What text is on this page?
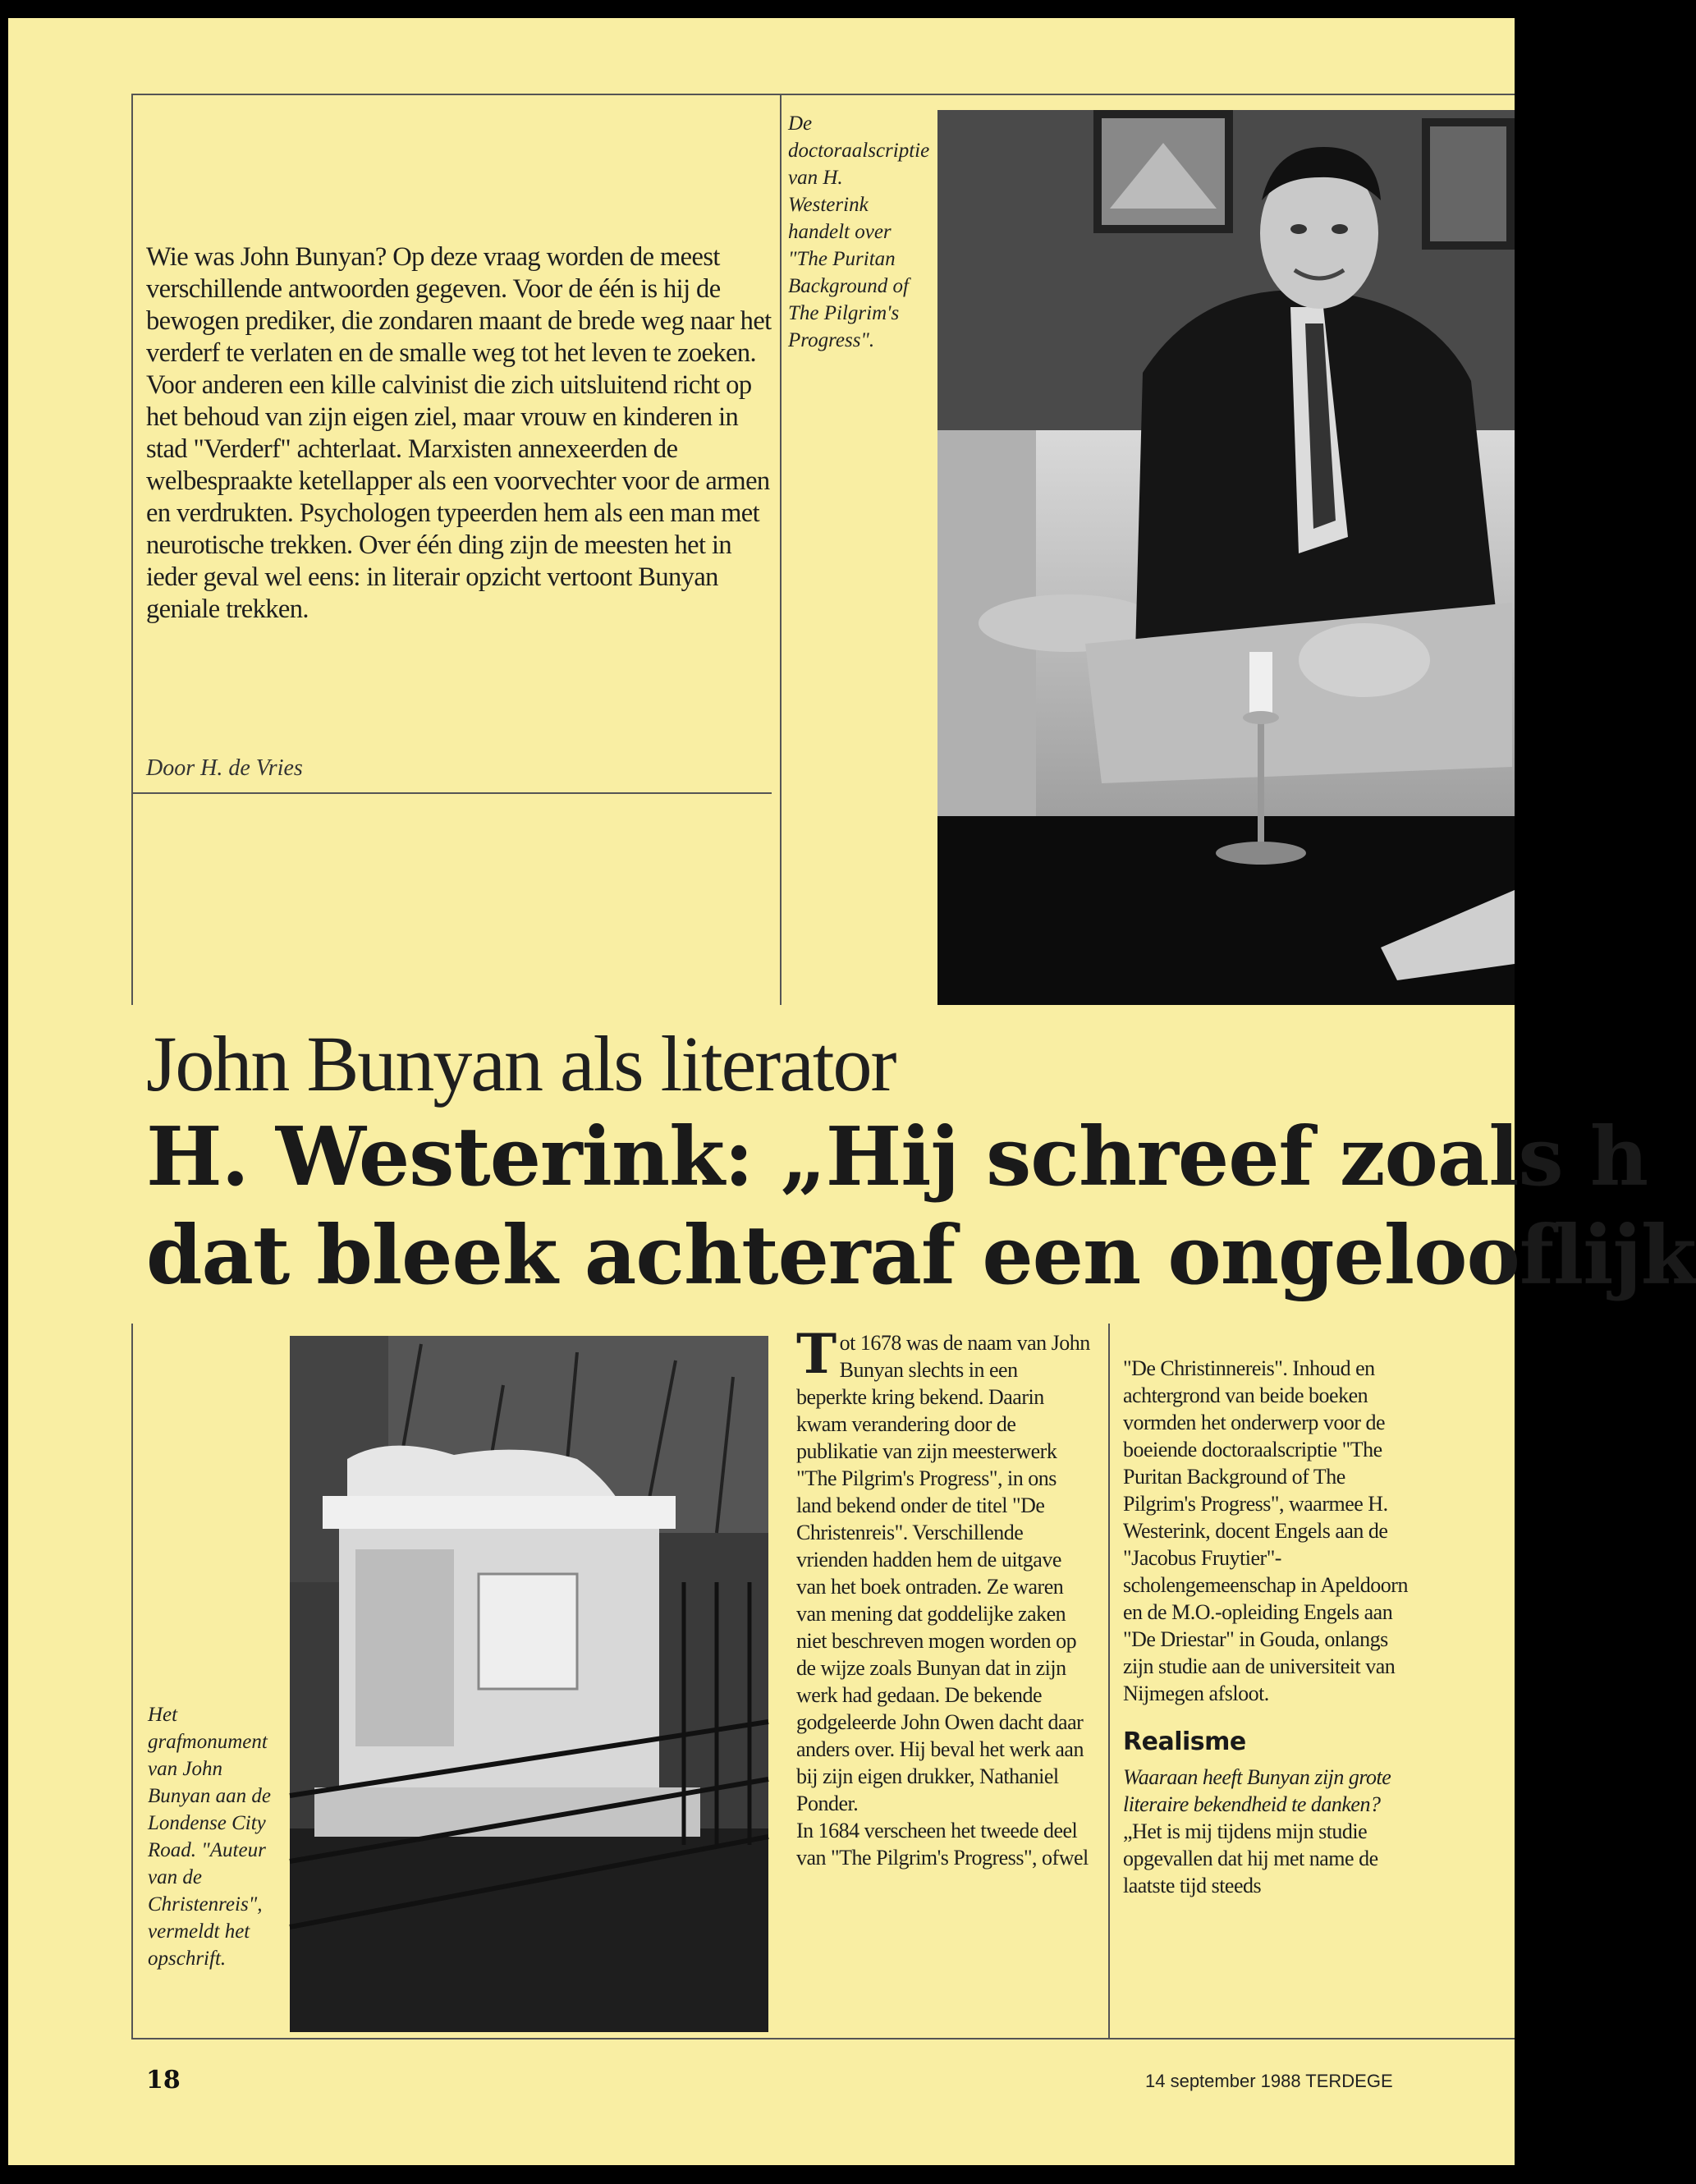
Wie was John Bunyan? Op deze vraag worden de meest verschillende antwoorden gegeven. Voor de één is hij de bewogen prediker, die zondaren maant de brede weg naar het verderf te verlaten en de smalle weg tot het leven te zoeken. Voor anderen een kille calvinist die zich uitsluitend richt op het behoud van zijn eigen ziel, maar vrouw en kinderen in stad "Verderf" achterlaat. Marxisten annexeerden de welbespraakte ketellapper als een voorvechter voor de armen en verdrukten. Psychologen typeerden hem als een man met neurotische trekken. Over één ding zijn de meesten het in ieder geval wel eens: in literair opzicht vertoont Bunyan geniale trekken.
Door H. de Vries
De doctoraalscriptie van H. Westerink handelt over "The Puritan Background of The Pilgrim's Progress".
John Bunyan als literator
H. Westerink: „Hij schreef zoals h
dat bleek achteraf een ongelooflijk
Het grafmonument van John Bunyan aan de Londense City Road. "Auteur van de Christenreis", vermeldt het opschrift.
Tot 1678 was de naam van John Bunyan slechts in een beperkte kring bekend. Daarin kwam verandering door de publikatie van zijn meesterwerk "The Pilgrim's Progress", in ons land bekend onder de titel "De Christenreis". Verschillende vrienden hadden hem de uitgave van het boek ontraden. Ze waren van mening dat goddelijke zaken niet beschreven mogen worden op de wijze zoals Bunyan dat in zijn werk had gedaan. De bekende godgeleerde John Owen dacht daar anders over. Hij beval het werk aan bij zijn eigen drukker, Nathaniel Ponder.
In 1684 verscheen het tweede deel van "The Pilgrim's Progress", ofwel
"De Christinnereis". Inhoud en achtergrond van beide boeken vormden het onderwerp voor de boeiende doctoraalscriptie "The Puritan Background of The Pilgrim's Progress", waarmee H. Westerink, docent Engels aan de "Jacobus Fruytier"-scholengemeenschap in Apeldoorn en de M.O.-opleiding Engels aan "De Driestar" in Gouda, onlangs zijn studie aan de universiteit van Nijmegen afsloot.
Realisme
Waaraan heeft Bunyan zijn grote literaire bekendheid te danken?
„Het is mij tijdens mijn studie opgevallen dat hij met name de laatste tijd steeds
18	14 september 1988 TERDEGE
